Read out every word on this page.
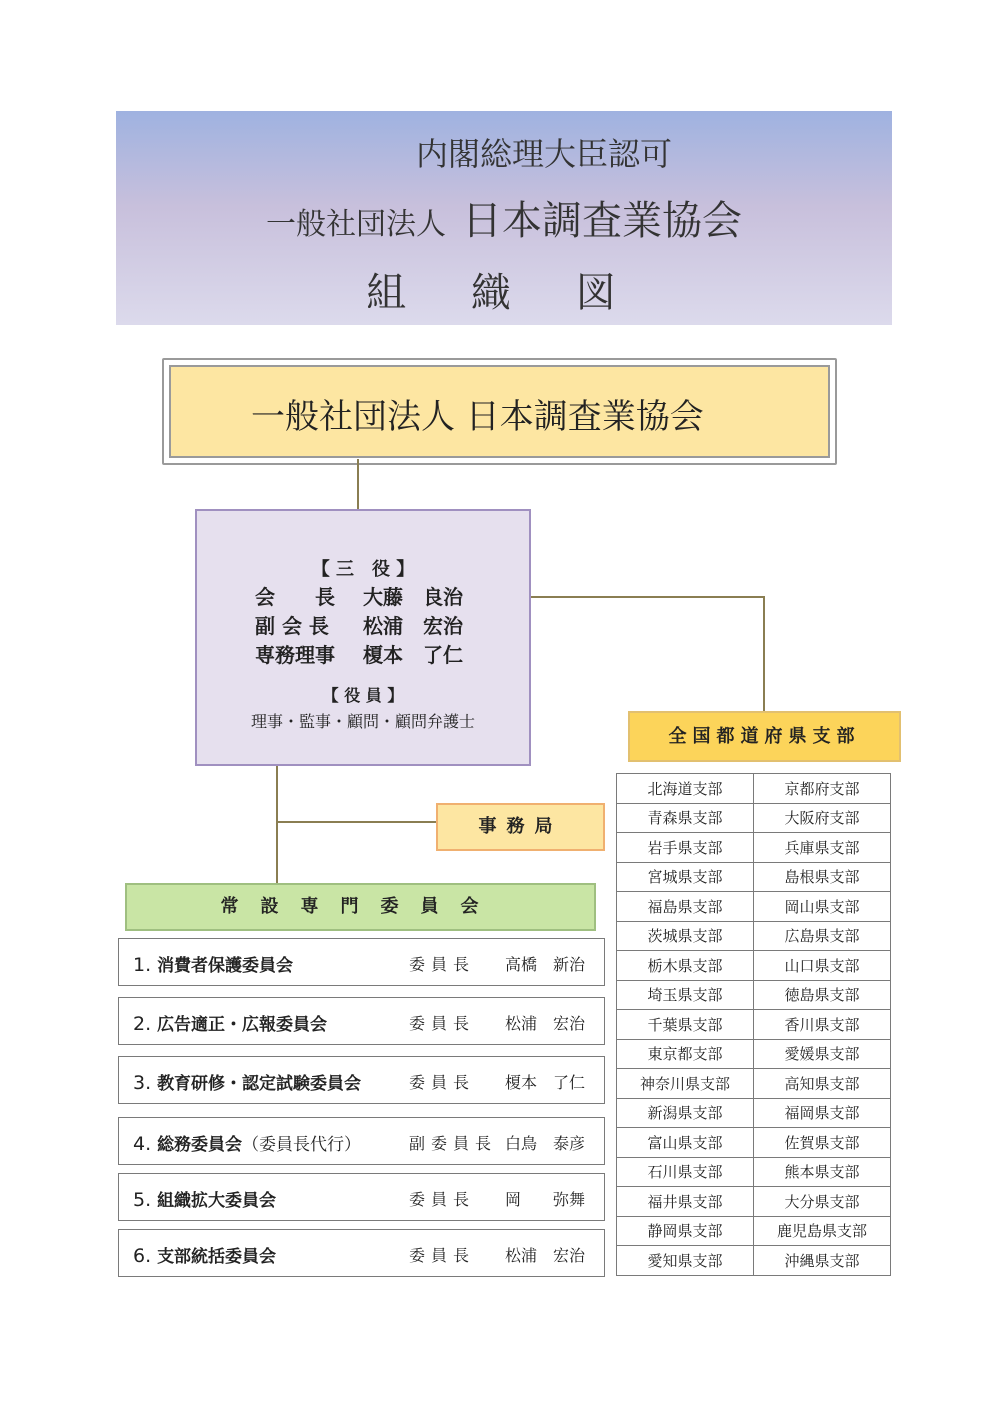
内閣総理大臣認可
一般社団法人 日本調査業協会
組 織 図
一般社団法人 日本調査業協会
【 三　役 】
会　　長 大藤　良治
副 会 長 松浦　宏治
専務理事 榎本　了仁
【 役 員 】
理事・監事・顧問・顧問弁護士
全国都道府県支部
北海道支部	京都府支部
青森県支部	大阪府支部
岩手県支部	兵庫県支部
宮城県支部	島根県支部
福島県支部	岡山県支部
茨城県支部	広島県支部
栃木県支部	山口県支部
埼玉県支部	徳島県支部
千葉県支部	香川県支部
東京都支部	愛媛県支部
神奈川県支部	高知県支部
新潟県支部	福岡県支部
富山県支部	佐賀県支部
石川県支部	熊本県支部
福井県支部	大分県支部
静岡県支部	鹿児島県支部
愛知県支部	沖縄県支部
事務局
常設専門委員会
1. 消費者保護委員会	委員長 高橋　新治
2. 広告適正・広報委員会	委員長 松浦　宏治
3. 教育研修・認定試験委員会	委員長 榎本　了仁
4. 総務委員会（委員長代行）	副委員長 白鳥　泰彦
5. 組織拡大委員会	委員長 岡　　弥舞
6. 支部統括委員会	委員長 松浦　宏治
